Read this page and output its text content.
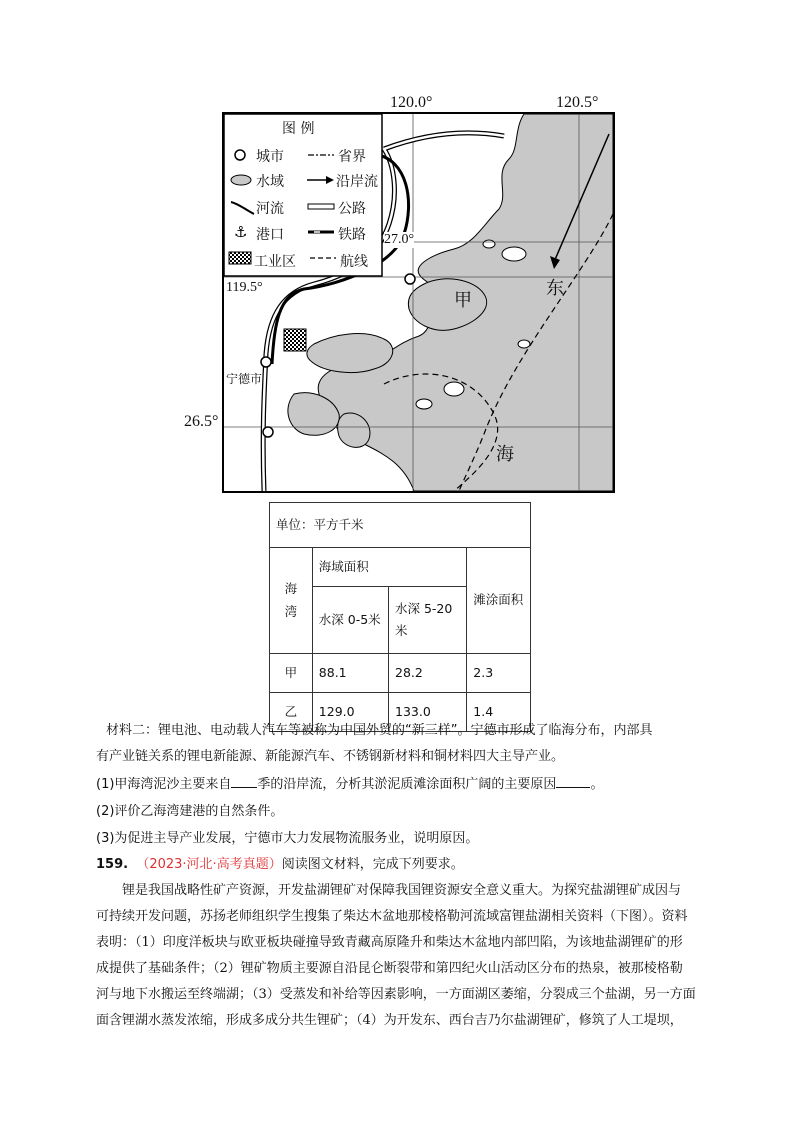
120.0°	120.5°
26.5°
⚓
图 例
城市	省界
水域	沿岸流
河流	公路
港口	铁路
工业区	航线
27.0°
119.5°
甲
东
海
宁德市
单位：平方千米			
海湾	海域面积		滩涂面积
	水深 0-5米	水深 5-20米	
甲	88.1	28.2	2.3
乙	129.0	133.0	1.4
材料二：锂电池、电动载人汽车等被称为中国外贸的“新三样”。宁德市形成了临海分布，内部具
有产业链关系的锂电新能源、新能源汽车、不锈钢新材料和铜材料四大主导产业。
(1)甲海湾泥沙主要来自 季的沿岸流，分析其淤泥质滩涂面积广阔的主要原因	。
(2)评价乙海湾建港的自然条件。
(3)为促进主导产业发展，宁德市大力发展物流服务业，说明原因。
159. （2023·河北·高考真题）阅读图文材料，完成下列要求。
锂是我国战略性矿产资源，开发盐湖锂矿对保障我国锂资源安全意义重大。为探究盐湖锂矿成因与
可持续开发问题，苏扬老师组织学生搜集了柴达木盆地那棱格勒河流域富锂盐湖相关资料（下图）。资料
表明：（1）印度洋板块与欧亚板块碰撞导致青藏高原隆升和柴达木盆地内部凹陷，为该地盐湖锂矿的形
成提供了基础条件；（2）锂矿物质主要源自沿昆仑断裂带和第四纪火山活动区分布的热泉，被那棱格勒
河与地下水搬运至终端湖；（3）受蒸发和补给等因素影响，一方面湖区萎缩，分裂成三个盐湖，另一方面
面含锂湖水蒸发浓缩，形成多成分共生锂矿；（4）为开发东、西台吉乃尔盐湖锂矿，修筑了人工堤坝，
